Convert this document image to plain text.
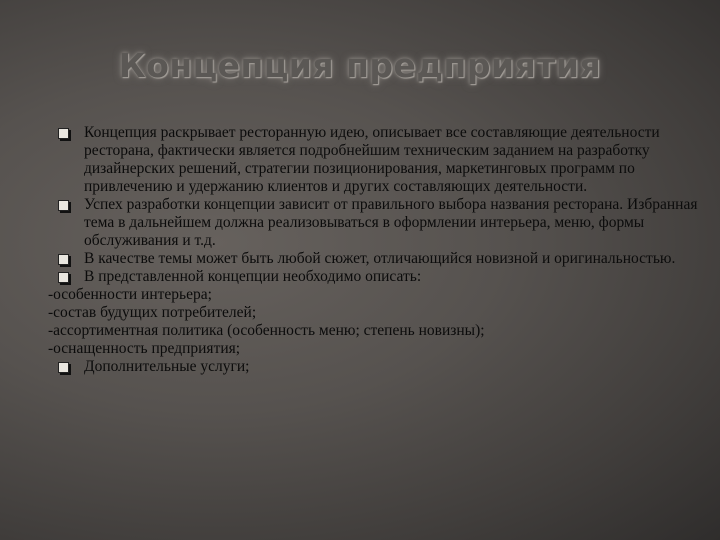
Концепция предприятия
Концепция раскрывает ресторанную идею, описывает все составляющие деятельности ресторана, фактически является подробнейшим техническим заданием на разработку дизайнерских решений, стратегии позиционирования, маркетинговых программ по привлечению и удержанию клиентов и других составляющих деятельности.
Успех разработки концепции зависит от правильного выбора названия ресторана. Избранная тема в дальнейшем должна реализовываться в оформлении интерьера, меню, формы обслуживания и т.д.
В качестве темы может быть любой сюжет, отличающийся новизной и оригинальностью.
В представленной концепции необходимо описать:
-особенности интерьера;
-состав будущих потребителей;
-ассортиментная политика (особенность меню; степень новизны);
-оснащенность предприятия;
Дополнительные услуги;
